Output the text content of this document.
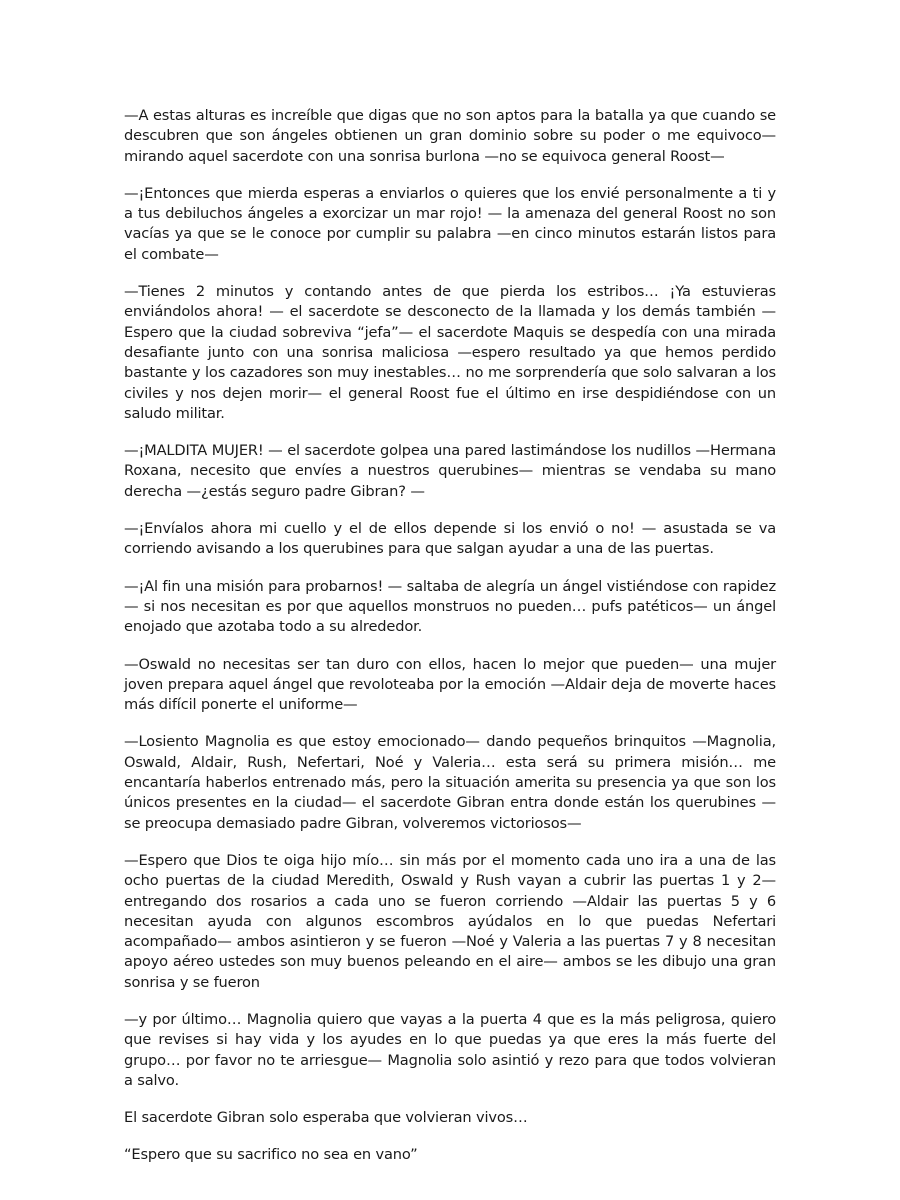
—A estas alturas es increíble que digas que no son aptos para la batalla ya que cuando se descubren que son ángeles obtienen un gran dominio sobre su poder o me equivoco— mirando aquel sacerdote con una sonrisa burlona —no se equivoca general Roost—

—¡Entonces que mierda esperas a enviarlos o quieres que los envié personalmente a ti y a tus debiluchos ángeles a exorcizar un mar rojo! — la amenaza del general Roost no son vacías ya que se le conoce por cumplir su palabra —en cinco minutos estarán listos para el combate—

—Tienes 2 minutos y contando antes de que pierda los estribos… ¡Ya estuvieras enviándolos ahora! — el sacerdote se desconecto de la llamada y los demás también —Espero que la ciudad sobreviva “jefa”— el sacerdote Maquis se despedía con una mirada desafiante junto con una sonrisa maliciosa —espero resultado ya que hemos perdido bastante y los cazadores son muy inestables… no me sorprendería que solo salvaran a los civiles y nos dejen morir— el general Roost fue el último en irse despidiéndose con un saludo militar.

—¡MALDITA MUJER! — el sacerdote golpea una pared lastimándose los nudillos —Hermana Roxana, necesito que envíes a nuestros querubines— mientras se vendaba su mano derecha —¿estás seguro padre Gibran? —

—¡Envíalos ahora mi cuello y el de ellos depende si los envió o no! — asustada se va corriendo avisando a los querubines para que salgan ayudar a una de las puertas.

—¡Al fin una misión para probarnos! — saltaba de alegría un ángel vistiéndose con rapidez — si nos necesitan es por que aquellos monstruos no pueden… pufs patéticos— un ángel enojado que azotaba todo a su alrededor.

—Oswald no necesitas ser tan duro con ellos, hacen lo mejor que pueden— una mujer joven prepara aquel ángel que revoloteaba por la emoción —Aldair deja de moverte haces más difícil ponerte el uniforme—

—Losiento Magnolia es que estoy emocionado— dando pequeños brinquitos —Magnolia, Oswald, Aldair, Rush, Nefertari, Noé y Valeria… esta será su primera misión… me encantaría haberlos entrenado más, pero la situación amerita su presencia ya que son los únicos presentes en la ciudad— el sacerdote Gibran entra donde están los querubines —se preocupa demasiado padre Gibran, volveremos victoriosos—

—Espero que Dios te oiga hijo mío… sin más por el momento cada uno ira a una de las ocho puertas de la ciudad Meredith, Oswald y Rush vayan a cubrir las puertas 1 y 2— entregando dos rosarios a cada uno se fueron corriendo —Aldair las puertas 5 y 6 necesitan ayuda con algunos escombros ayúdalos en lo que puedas Nefertari acompañado— ambos asintieron y se fueron —Noé y Valeria a las puertas 7 y 8 necesitan apoyo aéreo ustedes son muy buenos peleando en el aire— ambos se les dibujo una gran sonrisa y se fueron

—y por último… Magnolia quiero que vayas a la puerta 4 que es la más peligrosa, quiero que revises si hay vida y los ayudes en lo que puedas ya que eres la más fuerte del grupo… por favor no te arriesgue— Magnolia solo asintió y rezo para que todos volvieran a salvo.

El sacerdote Gibran solo esperaba que volvieran vivos…

“Espero que su sacrifico no sea en vano”
